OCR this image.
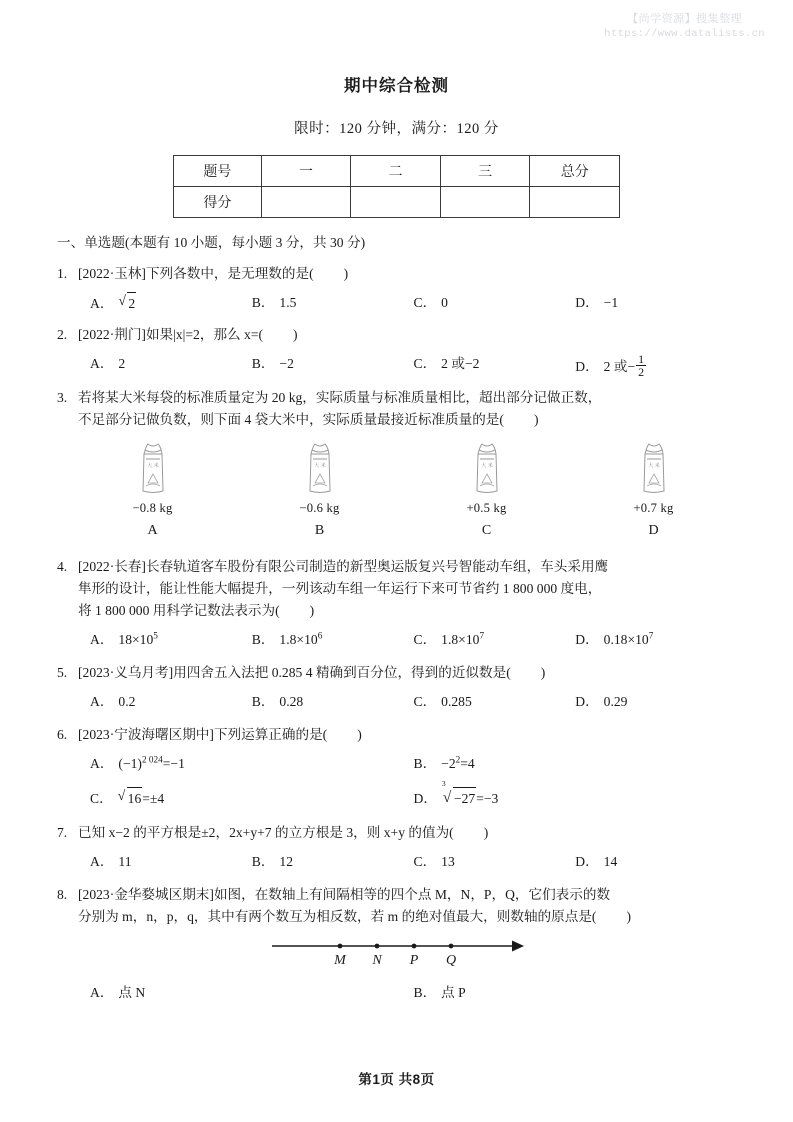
【尚学资源】搜集整理
https://www.datalists.cn
期中综合检测
限时：120 分钟，满分：120 分
题号	一	二	三	总分
得分				
一、单选题(本题有 10 小题，每小题 3 分，共 30 分)
1. [2022·玉林]下列各数中，是无理数的是( )
A． √ 2	B． 1.5	C． 0	D． −1
2. [2022·荆门]如果|x|=2，那么 x=( )
A． 2	B． −2	C． 2 或−2	D． 2 或− $\frac{1}{2}$
3. 若将某大米每袋的标准质量定为 20 kg，实际质量与标准质量相比，超出部分记做正数，

不足部分记做负数，则下面 4 袋大米中，实际质量最接近标准质量的是( )

大 米
−0.8 kg
A
大 米
−0.6 kg
B
大 米
+0.5 kg
C
大 米
+0.7 kg
D
4. [2022·长春]长春轨道客车股份有限公司制造的新型奥运版复兴号智能动车组，车头采用鹰

隼形的设计，能让性能大幅提升，一列该动车组一年运行下来可节省约 1 800 000 度电，

将 1 800 000 用科学记数法表示为( )

A． $18\times 10^5$	B． $1.8\times 10^6$	C． $1.8\times 10^7$	D． $0.18\times 10^7$
5. [2023·义乌月考]用四舍五入法把 0.285 4 精确到百分位，得到的近似数是( )
A． 0.2	B． 0.28	C． 0.285	D． 0.29
6. [2023·宁波海曙区期中]下列运算正确的是( )
A． $(-1)^{2 024}=-1$	B． $-2^2=4$
C． √ 16=±4	D．
√ 3
−27=−3
7. 已知 x−2 的平方根是±2，2x+y+7 的立方根是 3，则 x+y 的值为( )
A． 11	B． 12	C． 13	D． 14
8. [2023·金华婺城区期末]如图，在数轴上有间隔相等的四个点 M，N，P，Q，它们表示的数

分别为 m，n，p，q，其中有两个数互为相反数，若 m 的绝对值最大，则数轴的原点是( )

M N P Q
A． 点 N	B． 点 P
第1页 共8页
